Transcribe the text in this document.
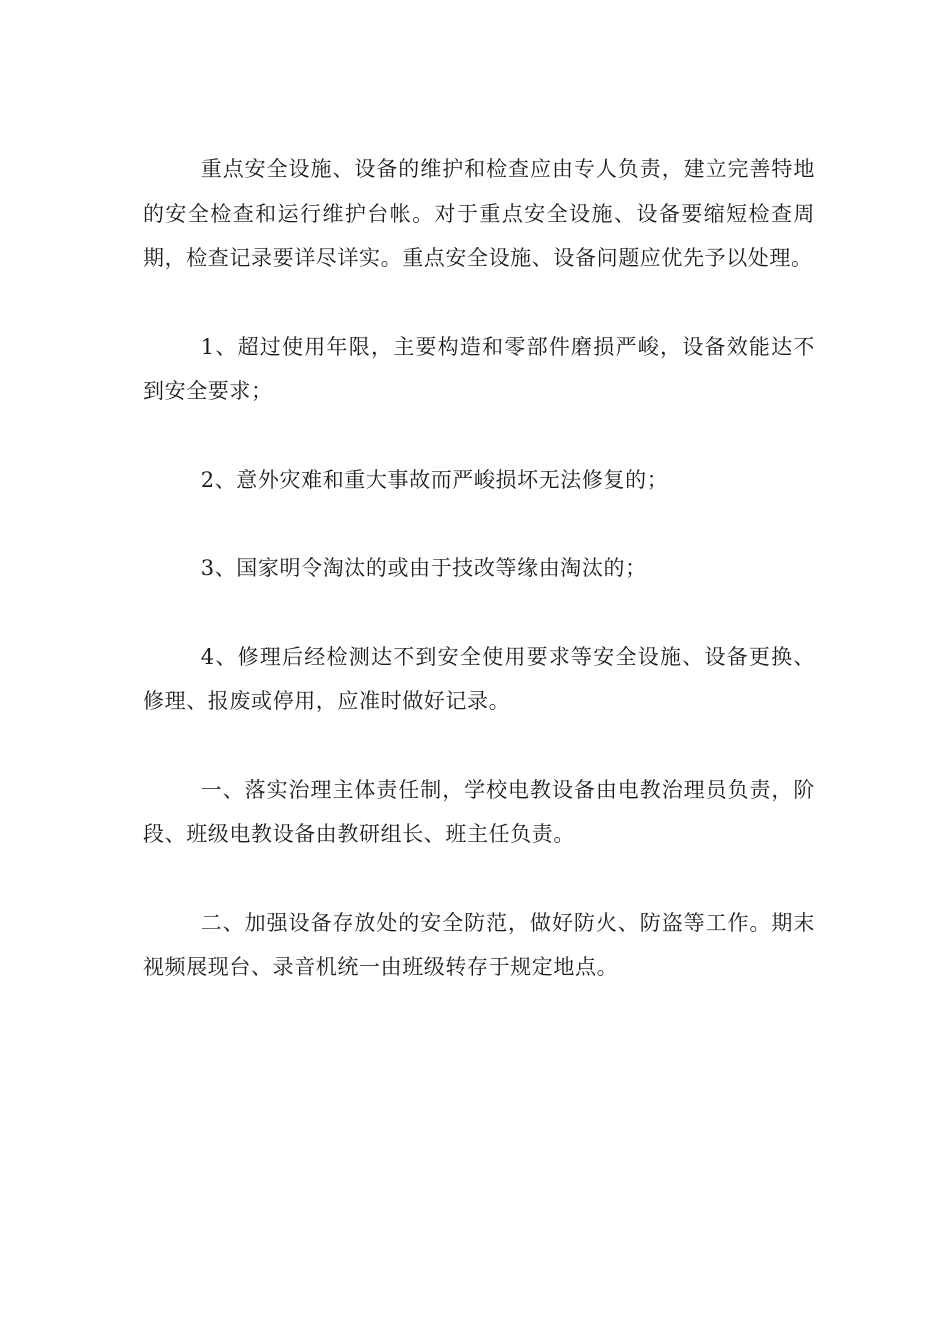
重点安全设施、设备的维护和检查应由专人负责，建立完善特地的安全检查和运行维护台帐。对于重点安全设施、设备要缩短检查周期，检查记录要详尽详实。重点安全设施、设备问题应优先予以处理。

1、超过使用年限，主要构造和零部件磨损严峻，设备效能达不到安全要求；

2、意外灾难和重大事故而严峻损坏无法修复的；

3、国家明令淘汰的或由于技改等缘由淘汰的；

4、修理后经检测达不到安全使用要求等安全设施、设备更换、修理、报废或停用，应准时做好记录。

一、落实治理主体责任制，学校电教设备由电教治理员负责，阶段、班级电教设备由教研组长、班主任负责。

二、加强设备存放处的安全防范，做好防火、防盗等工作。期末视频展现台、录音机统一由班级转存于规定地点。
